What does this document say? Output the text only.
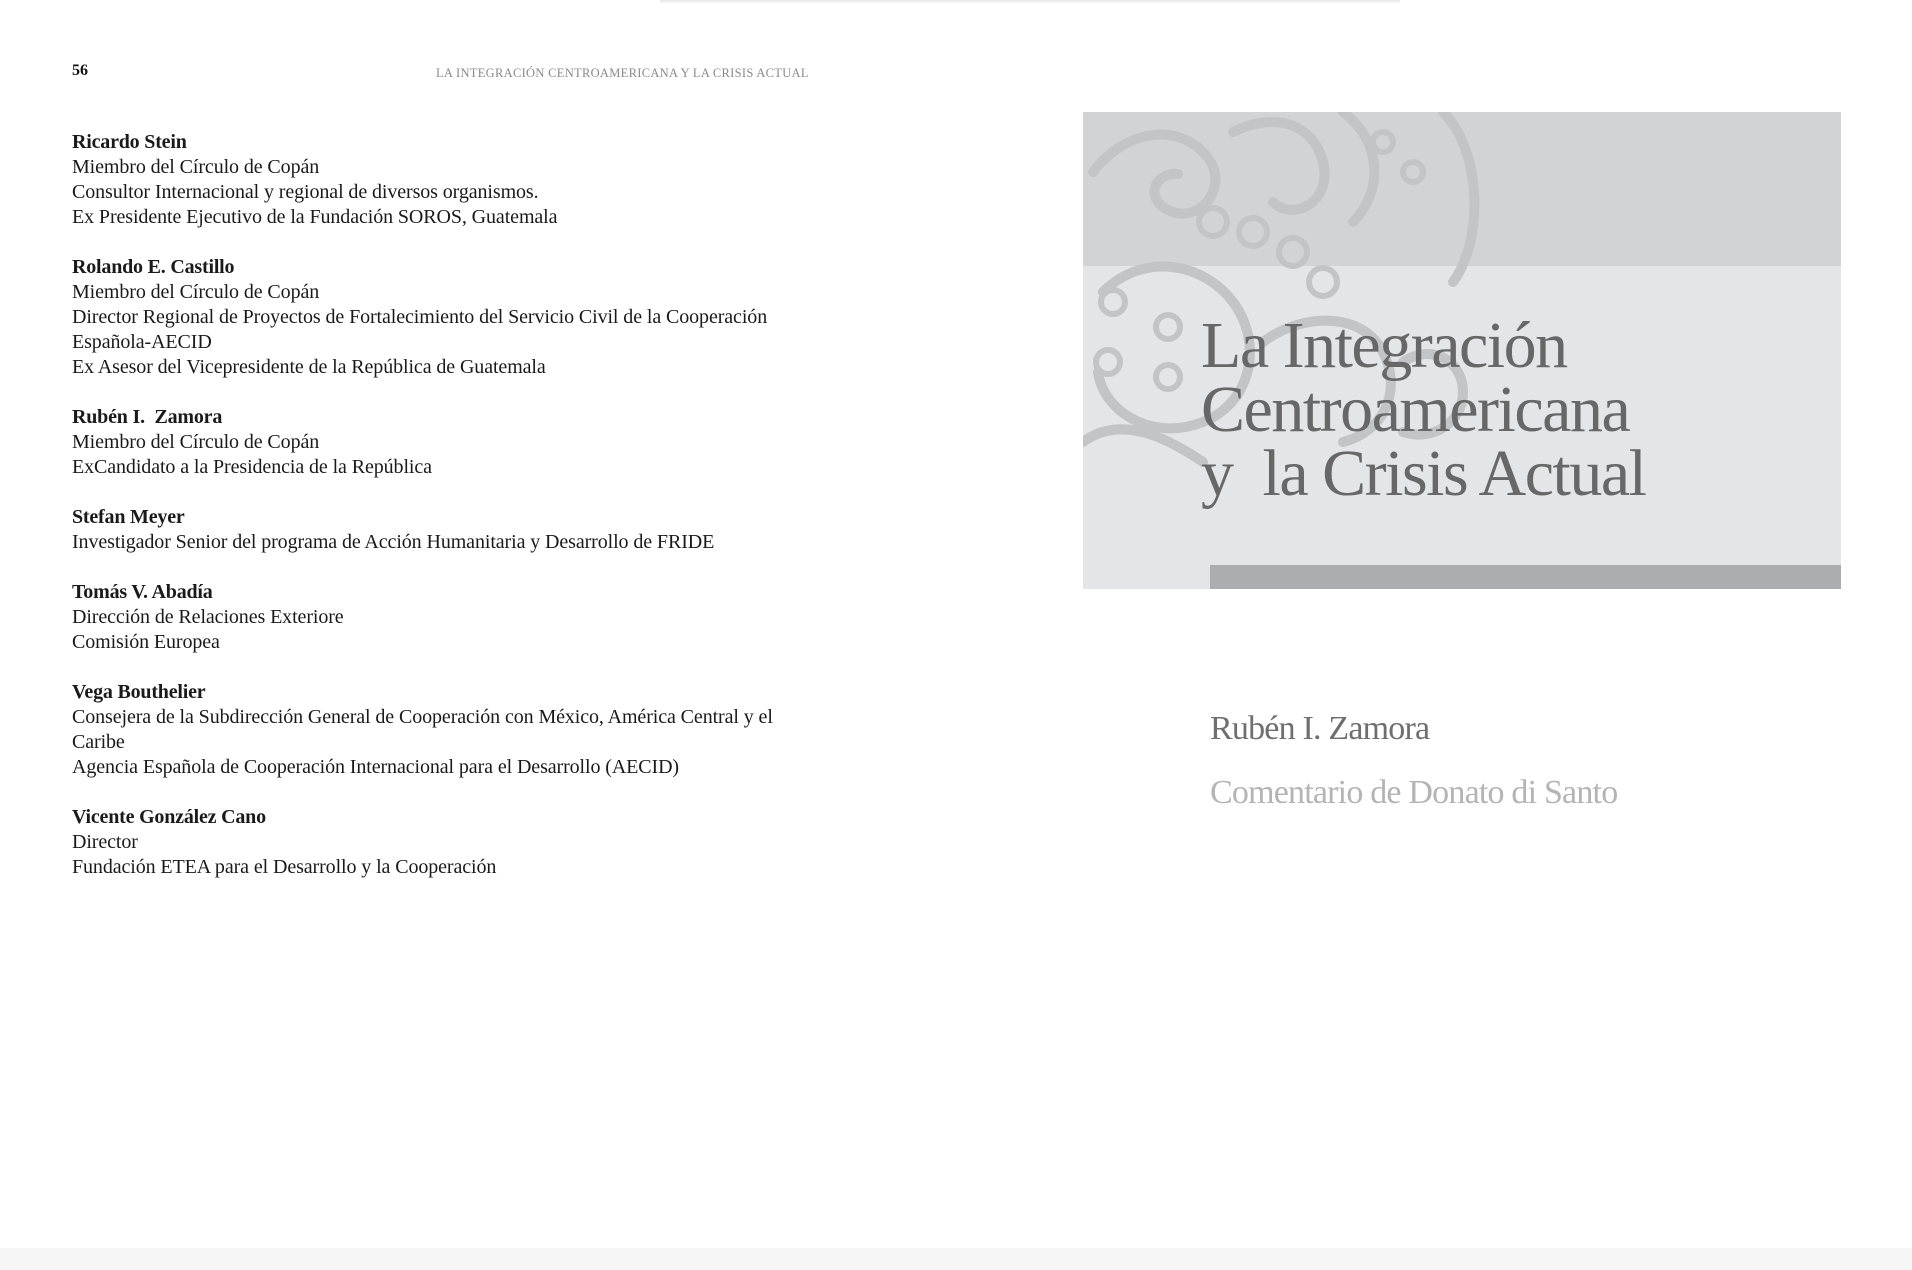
56	LA INTEGRACIÓN CENTROAMERICANA Y LA CRISIS ACTUAL
Ricardo Stein
Miembro del Círculo de Copán
Consultor Internacional y regional de diversos organismos.
Ex Presidente Ejecutivo de la Fundación SOROS, Guatemala
Rolando E. Castillo
Miembro del Círculo de Copán
Director Regional de Proyectos de Fortalecimiento del Servicio Civil de la Cooperación
Española-AECID
Ex Asesor del Vicepresidente de la República de Guatemala
Rubén I.  Zamora
Miembro del Círculo de Copán
ExCandidato a la Presidencia de la República
Stefan Meyer
Investigador Senior del programa de Acción Humanitaria y Desarrollo de FRIDE
Tomás V. Abadía
Dirección de Relaciones Exteriore
Comisión Europea
Vega Bouthelier
Consejera de la Subdirección General de Cooperación con México, América Central y el
Caribe
Agencia Española de Cooperación Internacional para el Desarrollo (AECID)
Vicente González Cano
Director
Fundación ETEA para el Desarrollo y la Cooperación
La Integración
Centroamericana
y  la Crisis Actual
Rubén I. Zamora
Comentario de Donato di Santo
